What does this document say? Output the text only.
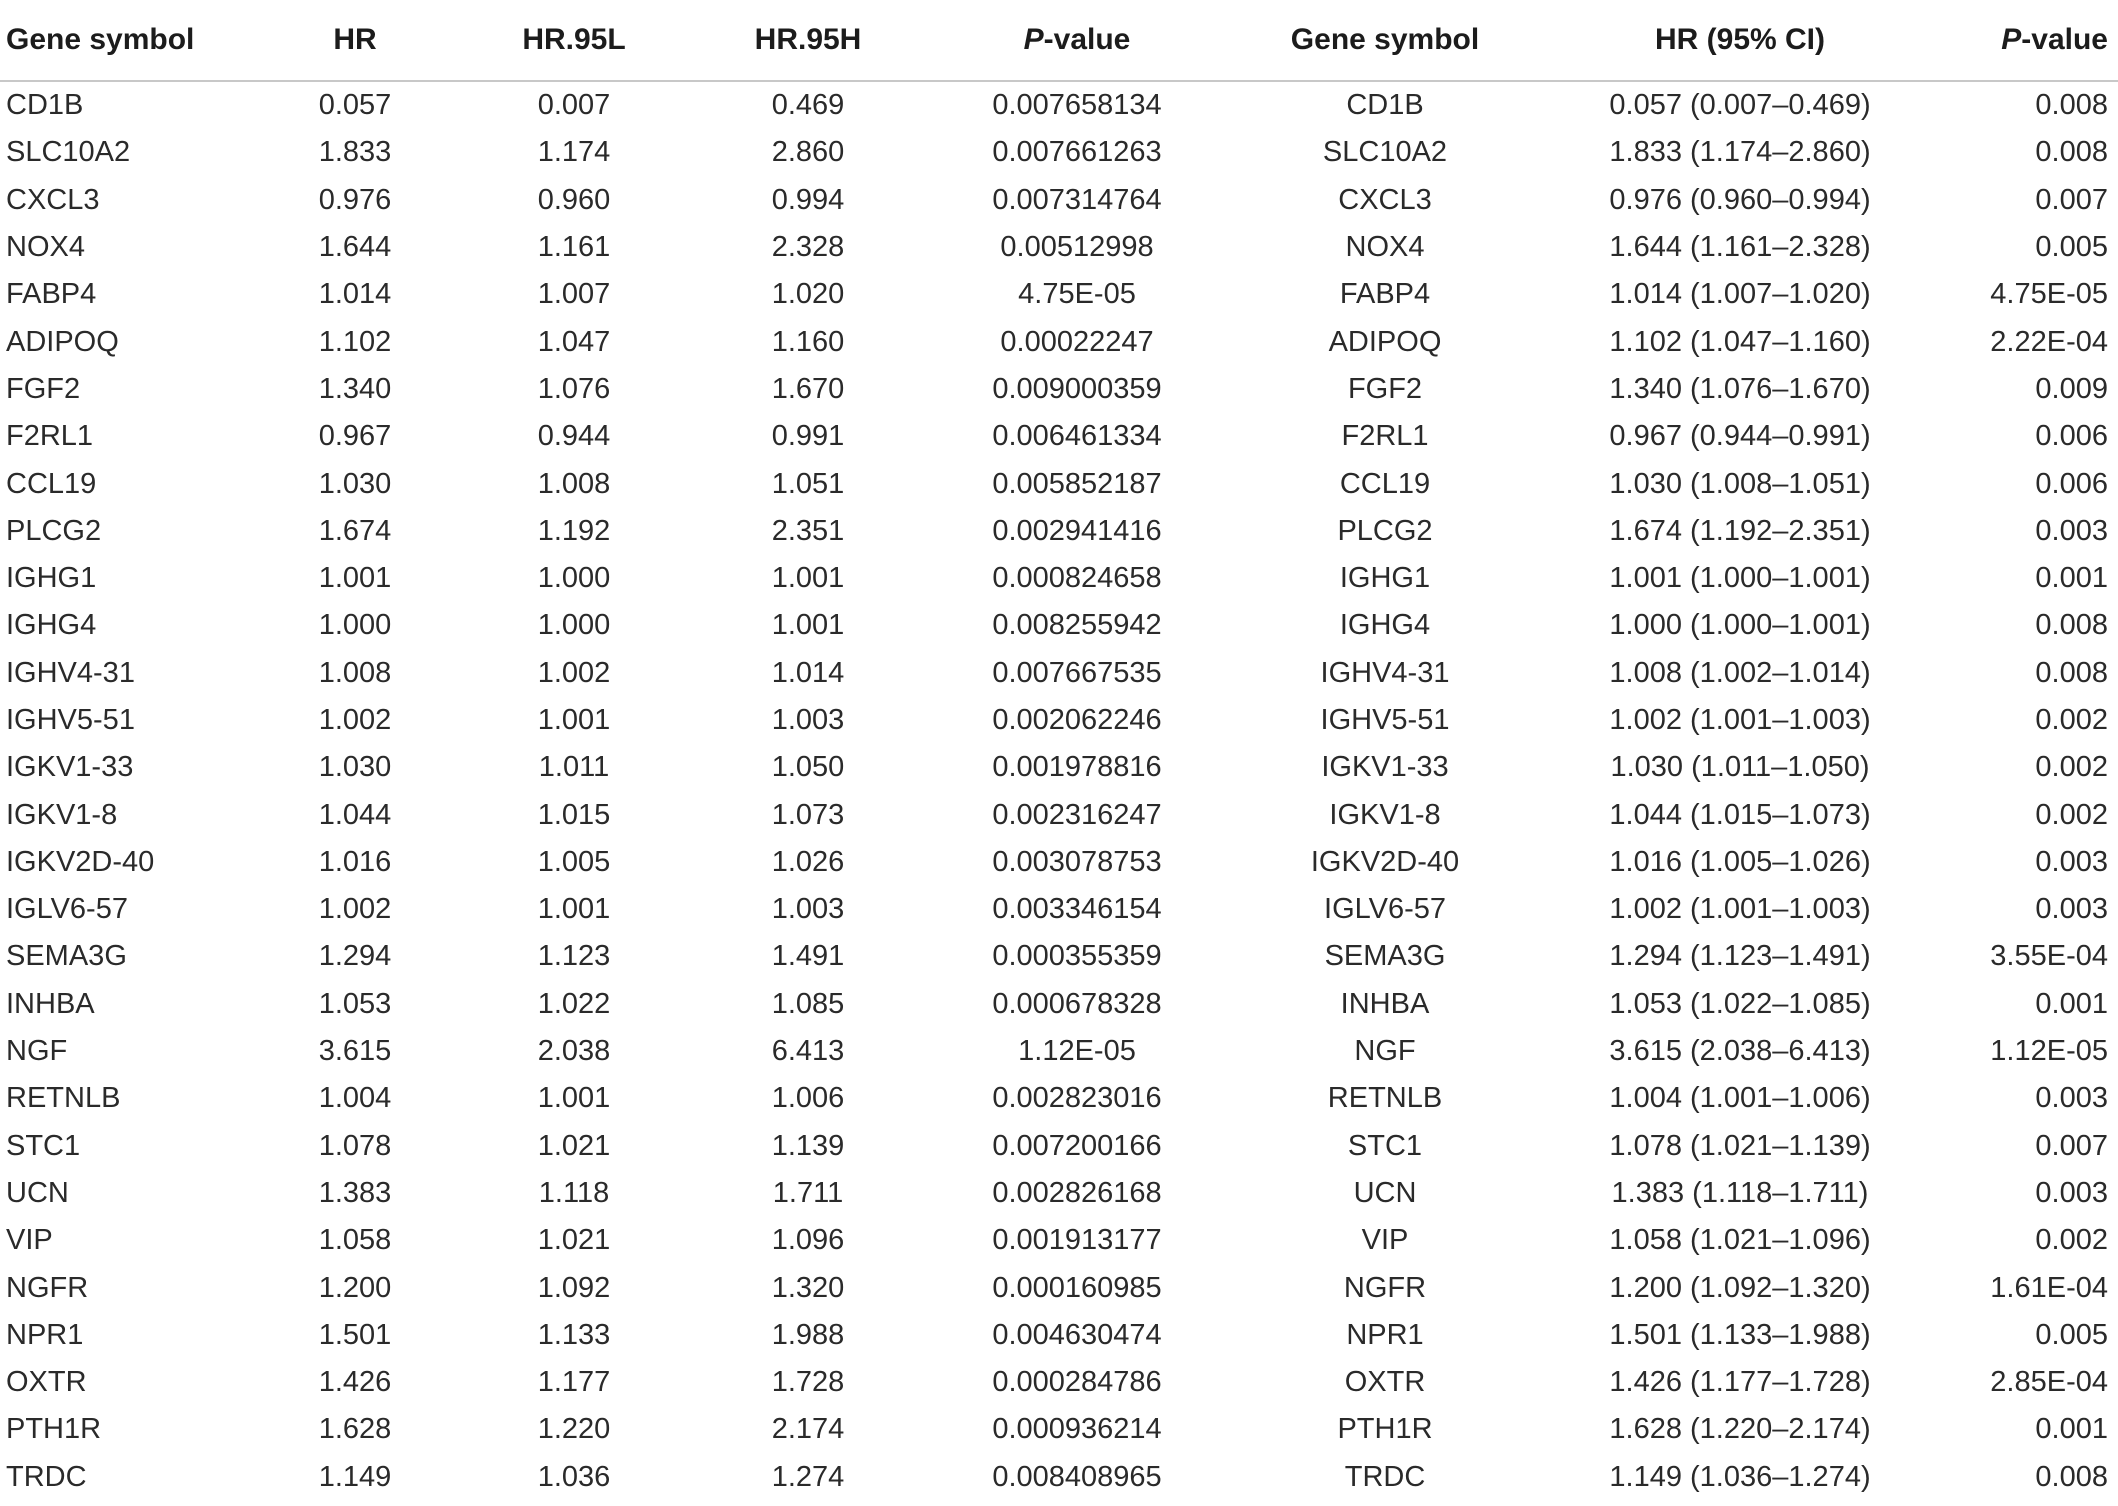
Gene symbol	HR	HR.95L	HR.95H	P -value	Gene symbol	HR (95% CI)	P -value
CD1B	0.057	0.007	0.469	0.007658134	CD1B	0.057 (0.007–0.469)	0.008
SLC10A2	1.833	1.174	2.860	0.007661263	SLC10A2	1.833 (1.174–2.860)	0.008
CXCL3	0.976	0.960	0.994	0.007314764	CXCL3	0.976 (0.960–0.994)	0.007
NOX4	1.644	1.161	2.328	0.00512998	NOX4	1.644 (1.161–2.328)	0.005
FABP4	1.014	1.007	1.020	4.75E-05	FABP4	1.014 (1.007–1.020)	4.75E-05
ADIPOQ	1.102	1.047	1.160	0.00022247	ADIPOQ	1.102 (1.047–1.160)	2.22E-04
FGF2	1.340	1.076	1.670	0.009000359	FGF2	1.340 (1.076–1.670)	0.009
F2RL1	0.967	0.944	0.991	0.006461334	F2RL1	0.967 (0.944–0.991)	0.006
CCL19	1.030	1.008	1.051	0.005852187	CCL19	1.030 (1.008–1.051)	0.006
PLCG2	1.674	1.192	2.351	0.002941416	PLCG2	1.674 (1.192–2.351)	0.003
IGHG1	1.001	1.000	1.001	0.000824658	IGHG1	1.001 (1.000–1.001)	0.001
IGHG4	1.000	1.000	1.001	0.008255942	IGHG4	1.000 (1.000–1.001)	0.008
IGHV4-31	1.008	1.002	1.014	0.007667535	IGHV4-31	1.008 (1.002–1.014)	0.008
IGHV5-51	1.002	1.001	1.003	0.002062246	IGHV5-51	1.002 (1.001–1.003)	0.002
IGKV1-33	1.030	1.011	1.050	0.001978816	IGKV1-33	1.030 (1.011–1.050)	0.002
IGKV1-8	1.044	1.015	1.073	0.002316247	IGKV1-8	1.044 (1.015–1.073)	0.002
IGKV2D-40	1.016	1.005	1.026	0.003078753	IGKV2D-40	1.016 (1.005–1.026)	0.003
IGLV6-57	1.002	1.001	1.003	0.003346154	IGLV6-57	1.002 (1.001–1.003)	0.003
SEMA3G	1.294	1.123	1.491	0.000355359	SEMA3G	1.294 (1.123–1.491)	3.55E-04
INHBA	1.053	1.022	1.085	0.000678328	INHBA	1.053 (1.022–1.085)	0.001
NGF	3.615	2.038	6.413	1.12E-05	NGF	3.615 (2.038–6.413)	1.12E-05
RETNLB	1.004	1.001	1.006	0.002823016	RETNLB	1.004 (1.001–1.006)	0.003
STC1	1.078	1.021	1.139	0.007200166	STC1	1.078 (1.021–1.139)	0.007
UCN	1.383	1.118	1.711	0.002826168	UCN	1.383 (1.118–1.711)	0.003
VIP	1.058	1.021	1.096	0.001913177	VIP	1.058 (1.021–1.096)	0.002
NGFR	1.200	1.092	1.320	0.000160985	NGFR	1.200 (1.092–1.320)	1.61E-04
NPR1	1.501	1.133	1.988	0.004630474	NPR1	1.501 (1.133–1.988)	0.005
OXTR	1.426	1.177	1.728	0.000284786	OXTR	1.426 (1.177–1.728)	2.85E-04
PTH1R	1.628	1.220	2.174	0.000936214	PTH1R	1.628 (1.220–2.174)	0.001
TRDC	1.149	1.036	1.274	0.008408965	TRDC	1.149 (1.036–1.274)	0.008
